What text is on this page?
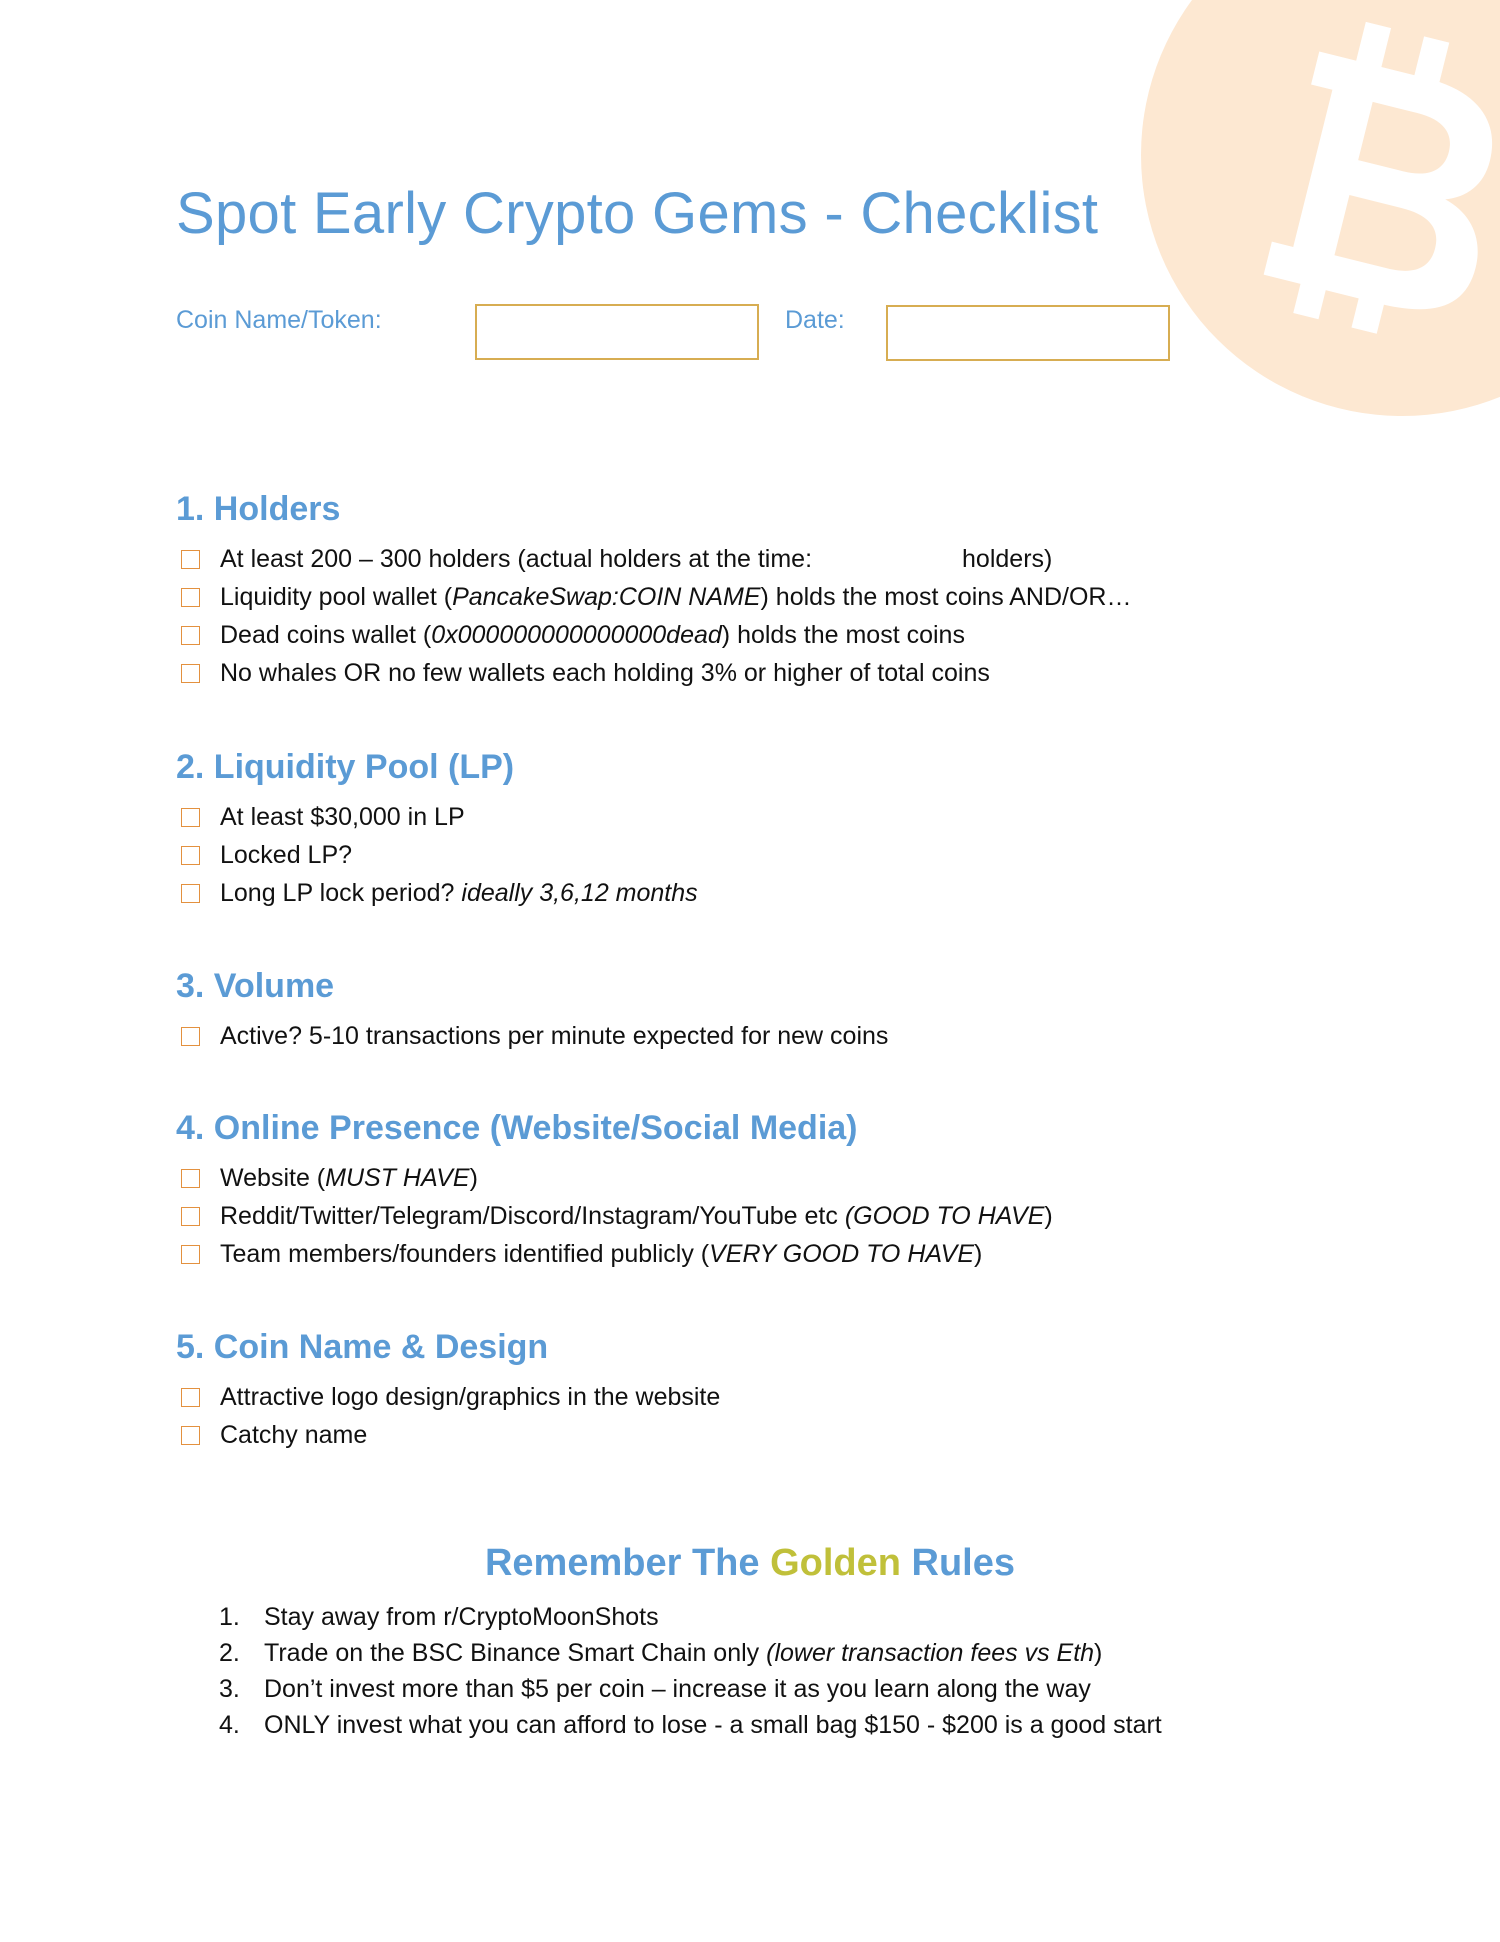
Spot Early Crypto Gems - Checklist
Coin Name/Token:	Date:
1. Holders
At least 200 – 300 holders (actual holders at the time:	holders)
Liquidity pool wallet (PancakeSwap:COIN NAME) holds the most coins AND/OR…
Dead coins wallet (0x000000000000000dead) holds the most coins
No whales OR no few wallets each holding 3% or higher of total coins
2. Liquidity Pool (LP)
At least $30,000 in LP
Locked LP?
Long LP lock period? ideally 3,6,12 months
3. Volume
Active? 5-10 transactions per minute expected for new coins
4. Online Presence (Website/Social Media)
Website (MUST HAVE)
Reddit/Twitter/Telegram/Discord/Instagram/YouTube etc (GOOD TO HAVE)
Team members/founders identified publicly (VERY GOOD TO HAVE)
5. Coin Name & Design
Attractive logo design/graphics in the website
Catchy name
Remember The Golden Rules
1. Stay away from r/CryptoMoonShots
2. Trade on the BSC Binance Smart Chain only (lower transaction fees vs Eth)
3. Don’t invest more than $5 per coin – increase it as you learn along the way
4. ONLY invest what you can afford to lose - a small bag $150 - $200 is a good start
